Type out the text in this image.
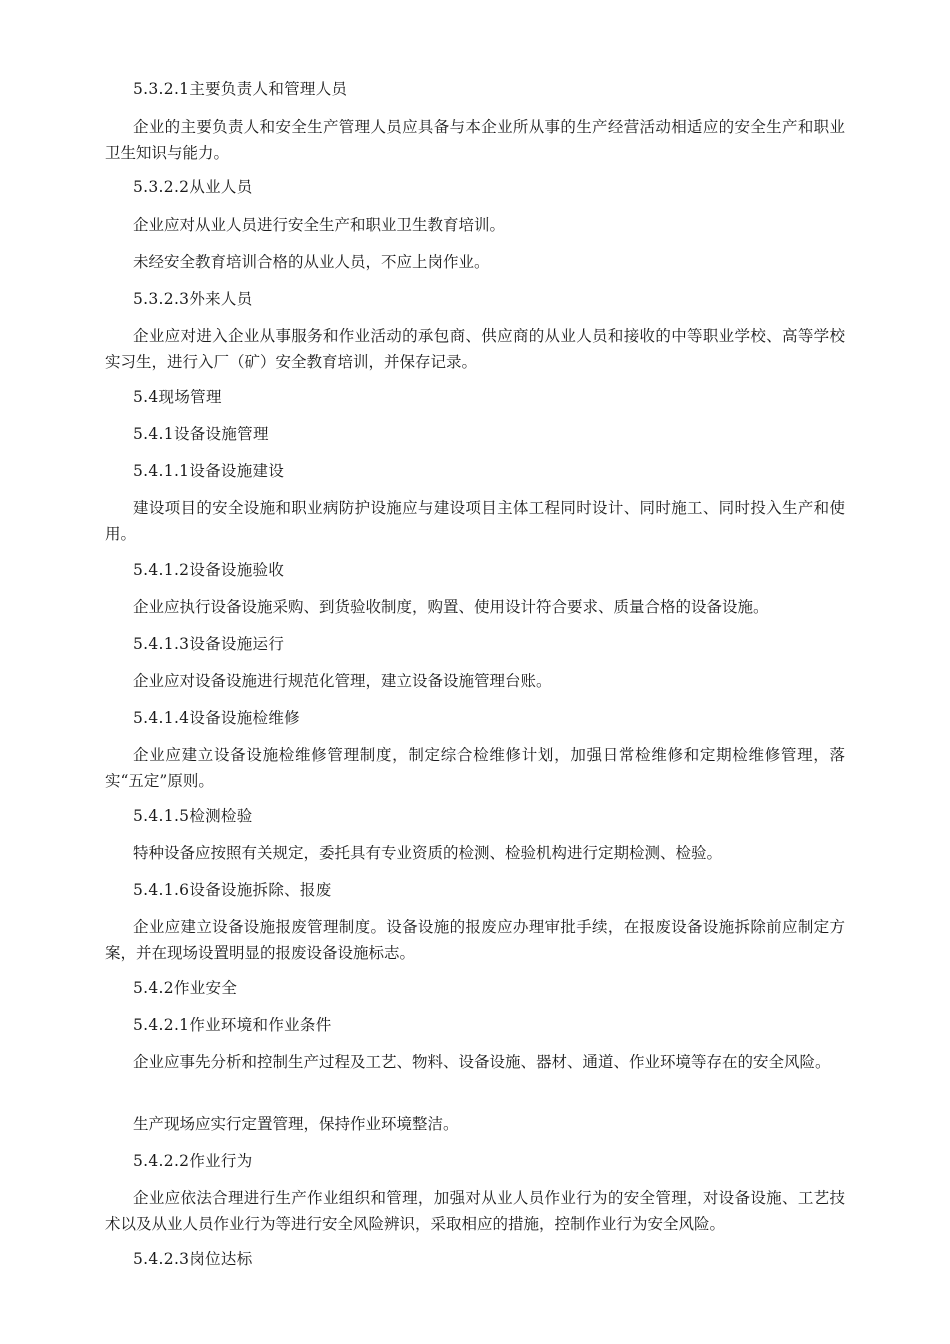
5.3.2.1主要负责人和管理人员

企业的主要负责人和安全生产管理人员应具备与本企业所从事的生产经营活动相适应的安全生产和职业卫生知识与能力。

5.3.2.2从业人员

企业应对从业人员进行安全生产和职业卫生教育培训。

未经安全教育培训合格的从业人员，不应上岗作业。

5.3.2.3外来人员

企业应对进入企业从事服务和作业活动的承包商、供应商的从业人员和接收的中等职业学校、高等学校实习生，进行入厂（矿）安全教育培训，并保存记录。

5.4现场管理

5.4.1设备设施管理

5.4.1.1设备设施建设

建设项目的安全设施和职业病防护设施应与建设项目主体工程同时设计、同时施工、同时投入生产和使用。

5.4.1.2设备设施验收

企业应执行设备设施采购、到货验收制度，购置、使用设计符合要求、质量合格的设备设施。

5.4.1.3设备设施运行

企业应对设备设施进行规范化管理，建立设备设施管理台账。

5.4.1.4设备设施检维修

企业应建立设备设施检维修管理制度，制定综合检维修计划，加强日常检维修和定期检维修管理，落实“五定”原则。

5.4.1.5检测检验

特种设备应按照有关规定，委托具有专业资质的检测、检验机构进行定期检测、检验。

5.4.1.6设备设施拆除、报废

企业应建立设备设施报废管理制度。设备设施的报废应办理审批手续，在报废设备设施拆除前应制定方案，并在现场设置明显的报废设备设施标志。

5.4.2作业安全

5.4.2.1作业环境和作业条件

企业应事先分析和控制生产过程及工艺、物料、设备设施、器材、通道、作业环境等存在的安全风险。

生产现场应实行定置管理，保持作业环境整洁。

5.4.2.2作业行为

企业应依法合理进行生产作业组织和管理，加强对从业人员作业行为的安全管理，对设备设施、工艺技术以及从业人员作业行为等进行安全风险辨识，采取相应的措施，控制作业行为安全风险。

5.4.2.3岗位达标
